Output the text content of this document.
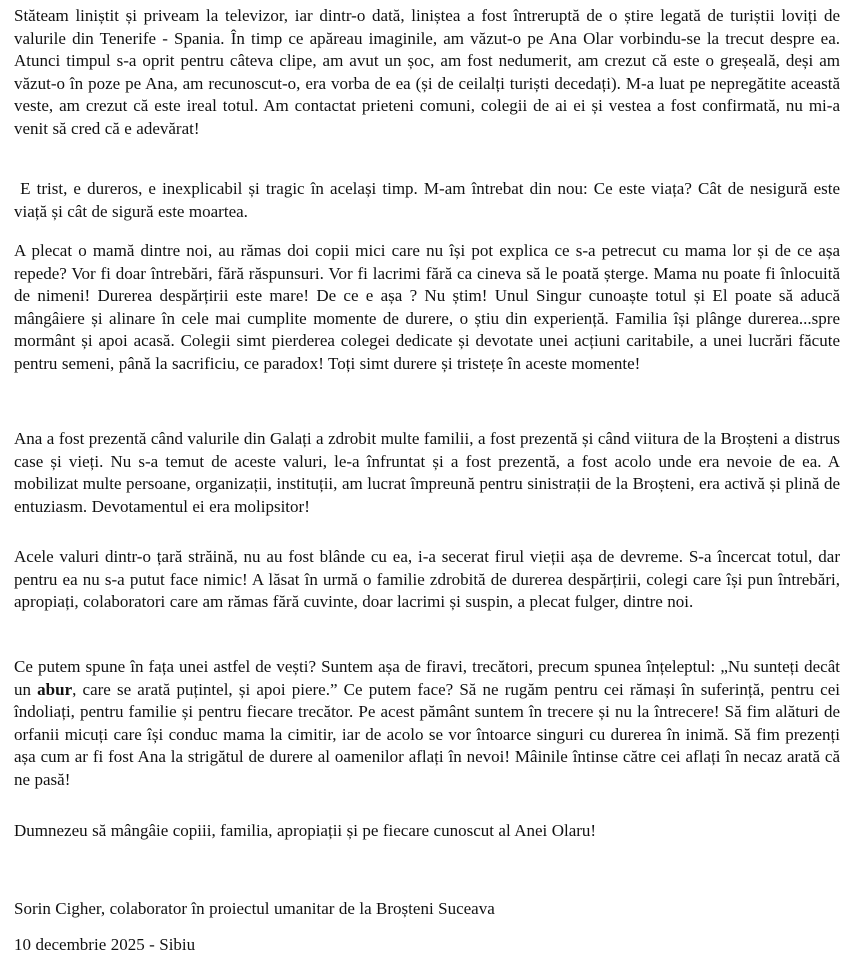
Stăteam liniștit și priveam la televizor, iar dintr-o dată, liniștea a fost întreruptă de o știre legată de turiștii loviți de valurile din Tenerife - Spania. În timp ce apăreau imaginile, am văzut-o pe Ana Olar vorbindu-se la trecut despre ea. Atunci timpul s-a oprit pentru câteva clipe, am avut un șoc, am fost nedumerit, am crezut că este o greșeală, deși am văzut-o în poze pe Ana, am recunoscut-o, era vorba de ea (și de ceilalți turiști decedați). M-a luat pe nepregătite această veste, am crezut că este ireal totul. Am contactat prieteni comuni, colegii de ai ei și vestea a fost confirmată, nu mi-a venit să cred că e adevărat!

E trist, e dureros, e inexplicabil și tragic în același timp. M-am întrebat din nou: Ce este viața? Cât de nesigură este viață și cât de sigură este moartea.

A plecat o mamă dintre noi, au rămas doi copii mici care nu își pot explica ce s-a petrecut cu mama lor și de ce așa repede? Vor fi doar întrebări, fără răspunsuri. Vor fi lacrimi fără ca cineva să le poată șterge. Mama nu poate fi înlocuită de nimeni! Durerea despărțirii este mare! De ce e așa ? Nu știm! Unul Singur cunoaște totul și El poate să aducă mângâiere și alinare în cele mai cumplite momente de durere, o știu din experiență. Familia își plânge durerea...spre mormânt și apoi acasă. Colegii simt pierderea colegei dedicate și devotate unei acțiuni caritabile, a unei lucrări făcute pentru semeni, până la sacrificiu, ce paradox! Toți simt durere și tristețe în aceste momente!

Ana a fost prezentă când valurile din Galați a zdrobit multe familii, a fost prezentă și când viitura de la Broșteni a distrus case și vieți. Nu s-a temut de aceste valuri, le-a înfruntat și a fost prezentă, a fost acolo unde era nevoie de ea. A mobilizat multe persoane, organizații, instituții, am lucrat împreună pentru sinistrații de la Broșteni, era activă și plină de entuziasm. Devotamentul ei era molipsitor!

Acele valuri dintr-o țară străină, nu au fost blânde cu ea, i-a secerat firul vieții așa de devreme. S-a încercat totul, dar pentru ea nu s-a putut face nimic! A lăsat în urmă o familie zdrobită de durerea despărțirii, colegi care își pun întrebări, apropiați, colaboratori care am rămas fără cuvinte, doar lacrimi și suspin, a plecat fulger, dintre noi.

Ce putem spune în fața unei astfel de vești? Suntem așa de firavi, trecători, precum spunea înțeleptul: „Nu sunteți decât un abur, care se arată puțintel, și apoi piere.” Ce putem face? Să ne rugăm pentru cei rămași în suferință, pentru cei îndoliați, pentru familie și pentru fiecare trecător. Pe acest pământ suntem în trecere și nu la întrecere! Să fim alături de orfanii micuți care își conduc mama la cimitir, iar de acolo se vor întoarce singuri cu durerea în inimă. Să fim prezenți așa cum ar fi fost Ana la strigătul de durere al oamenilor aflați în nevoi! Mâinile întinse către cei aflați în necaz arată că ne pasă!

Dumnezeu să mângâie copiii, familia, apropiații și pe fiecare cunoscut al Anei Olaru!

Sorin Cigher, colaborator în proiectul umanitar de la Broșteni Suceava

10 decembrie 2025 - Sibiu
